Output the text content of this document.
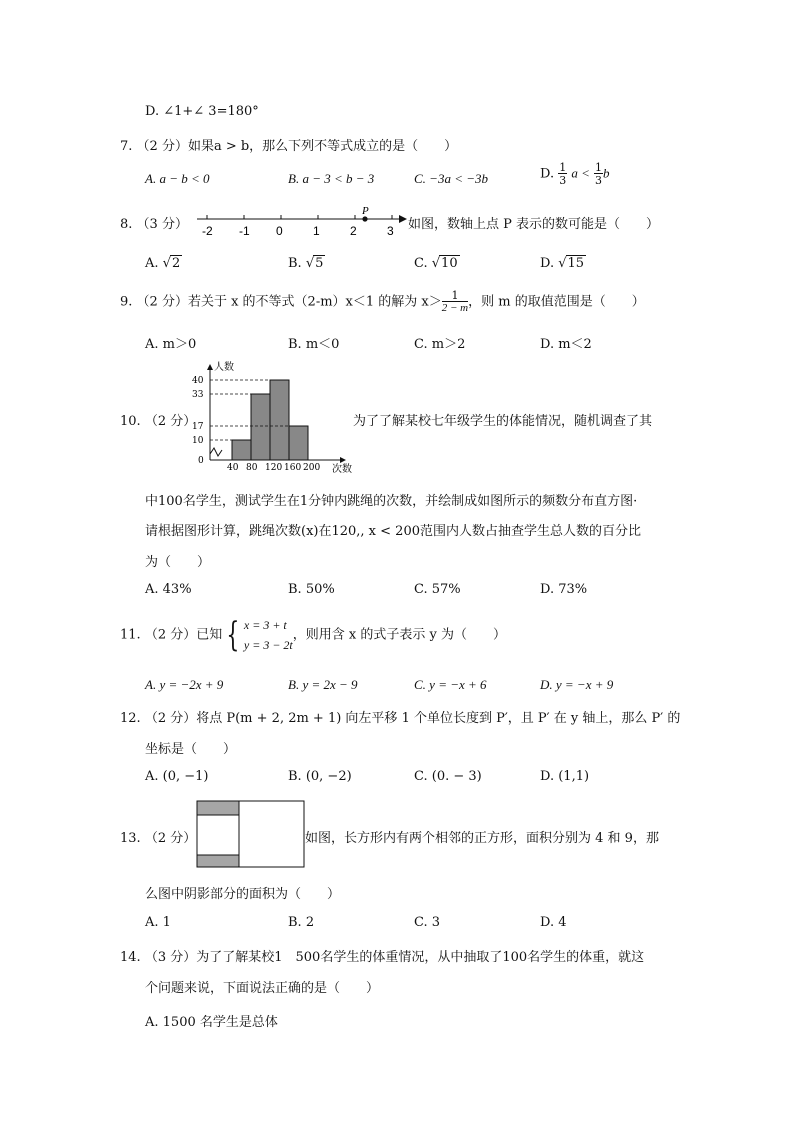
D. ∠1+∠ 3=180°
7. （2 分）如果a > b，那么下列不等式成立的是（　　）
A. a − b < 0	B. a − 3 < b − 3	C. −3a < −3b	D. $\frac{1}{3}$ $a < \frac{1}{3}$ b
8. （3 分） -2 -1 0	1	2	3
P
如图，数轴上点 P 表示的数可能是（　　）
A. √2	B. √5	C. √10	D. √15
9. （2 分）若关于 x 的不等式（2-m）x＜1 的解为 $x> \frac{1}{2 - m}$ ，则 m 的取值范围是（　　）
A. m＞0	B. m＜0	C. m＞2	D. m＜2
10. （2 分）
人数
次数
40
33
17
10
0
40 80 120 160 200
为了了解某校七年级学生的体能情况，随机调查了其
中100名学生，测试学生在1分钟内跳绳的次数，并绘制成如图所示的频数分布直方图·
请根据图形计算，跳绳次数(x)在120,, x < 200范围内人数占抽查学生总人数的百分比
为（　　）
A. 43%	B. 50%	C. 57%	D. 73%
11. （2 分）已知 { x = 3 + t
y = 3 − 2t
，则用含 x 的式子表示 y 为（　　）
A. y = −2x + 9	B. y = 2x − 9	C. y = −x + 6	D. y = −x + 9
12. （2 分）将点 P(m + 2, 2m + 1) 向左平移 1 个单位长度到 P′，且 P′ 在 y 轴上，那么 P′ 的
坐标是（　　）
A. (0, −1)	B. (0, −2)	C. (0. − 3)	D. (1,1)
13. （2 分）	如图，长方形内有两个相邻的正方形，面积分别为 4 和 9，那
么图中阴影部分的面积为（　　）
A. 1	B. 2	C. 3	D. 4
14. （3 分）为了了解某校1　500名学生的体重情况，从中抽取了100名学生的体重，就这
个问题来说，下面说法正确的是（　　）
A. 1500 名学生是总体
